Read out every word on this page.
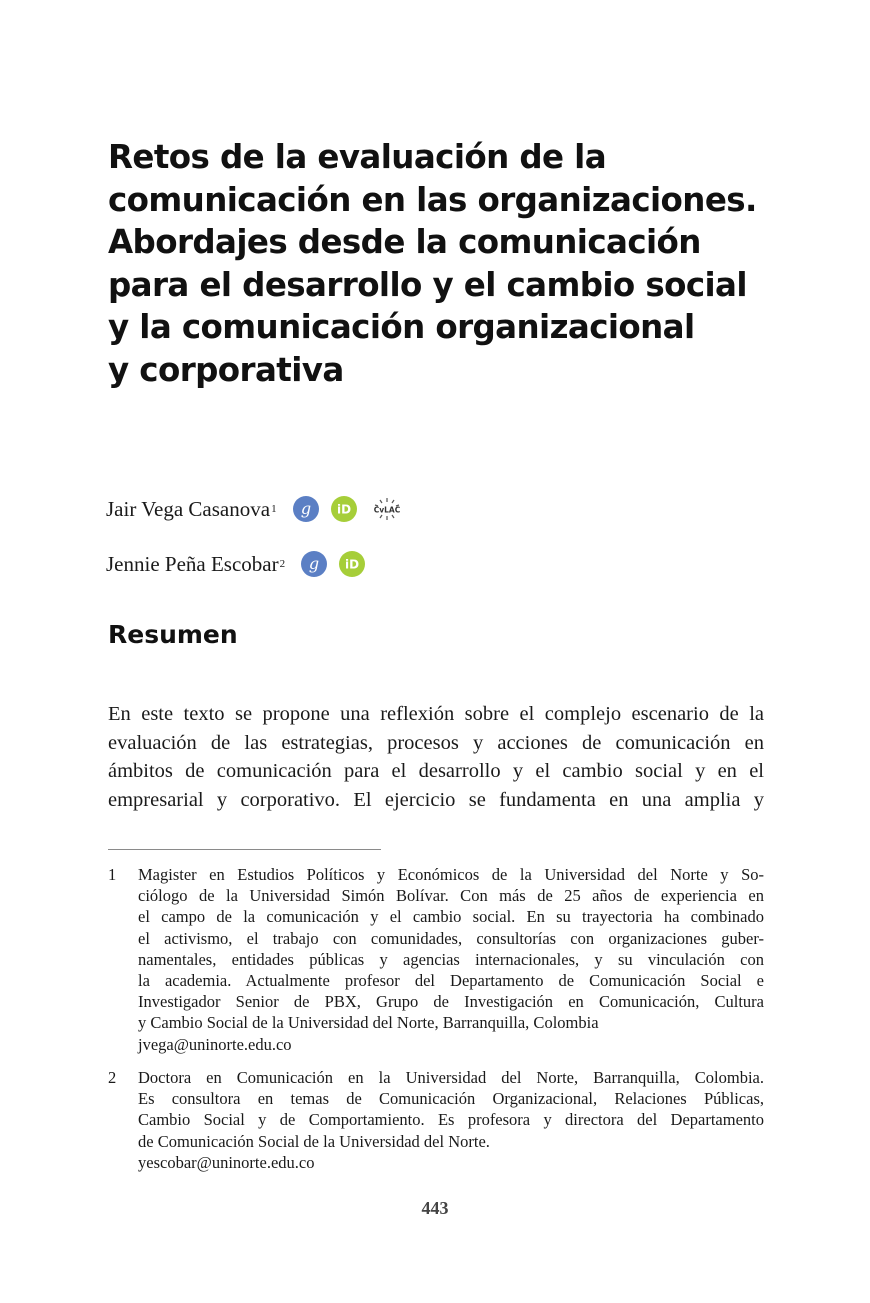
Retos de la evaluación de la
comunicación en las organizaciones.
Abordajes desde la comunicación
para el desarrollo y el cambio social
y la comunicación organizacional
y corporativa
Jair Vega Casanova 1 g iD	CvLAC
Jennie Peña Escobar 2 g iD
Resumen

En este texto se propone una reflexión sobre el complejo escenario de la
evaluación de las estrategias, procesos y acciones de comunicación en
ámbitos de comunicación para el desarrollo y el cambio social y en el
empresarial y corporativo. El ejercicio se fundamenta en una amplia y

1 Magister en Estudios Políticos y Económicos de la Universidad del Norte y So-
ciólogo de la Universidad Simón Bolívar. Con más de 25 años de experiencia en
el campo de la comunicación y el cambio social. En su trayectoria ha combinado
el activismo, el trabajo con comunidades, consultorías con organizaciones guber-
namentales, entidades públicas y agencias internacionales, y su vinculación con
la academia. Actualmente profesor del Departamento de Comunicación Social e
Investigador Senior de PBX, Grupo de Investigación en Comunicación, Cultura
y Cambio Social de la Universidad del Norte, Barranquilla, Colombia
jvega@uninorte.edu.co
2 Doctora en Comunicación en la Universidad del Norte, Barranquilla, Colombia.
Es consultora en temas de Comunicación Organizacional, Relaciones Públicas,
Cambio Social y de Comportamiento. Es profesora y directora del Departamento
de Comunicación Social de la Universidad del Norte.
yescobar@uninorte.edu.co
443
